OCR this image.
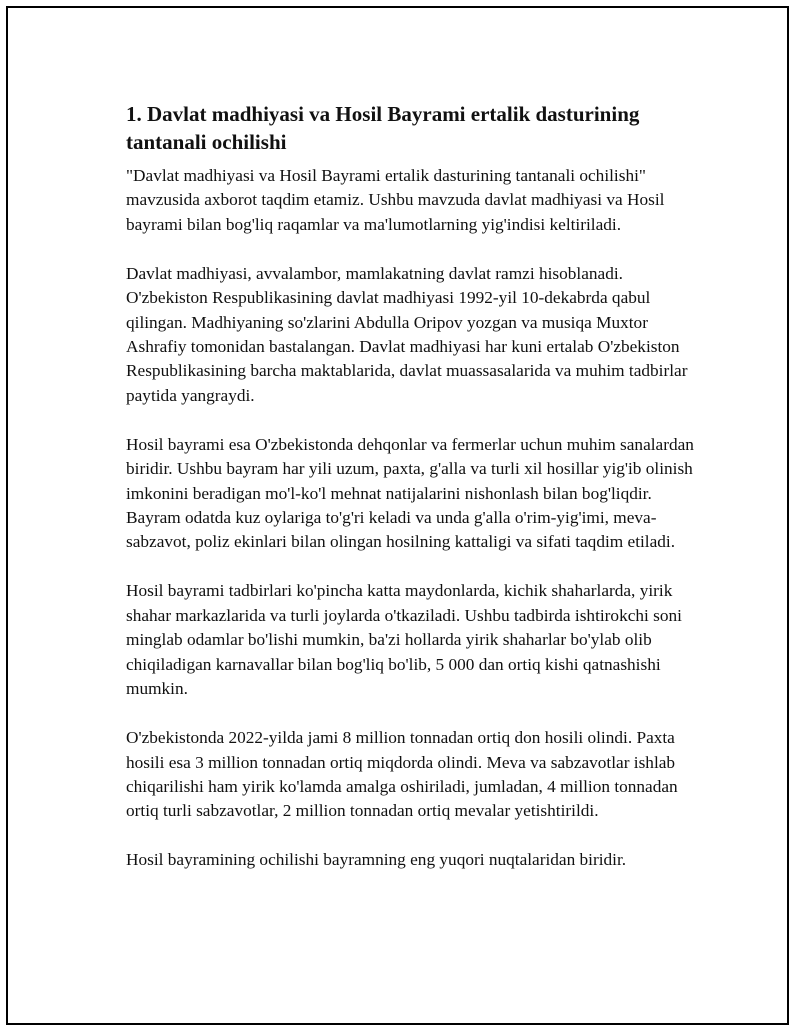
1. Davlat madhiyasi va Hosil Bayrami ertalik dasturining tantanali ochilishi

"Davlat madhiyasi va Hosil Bayrami ertalik dasturining tantanali ochilishi" mavzusida axborot taqdim etamiz. Ushbu mavzuda davlat madhiyasi va Hosil bayrami bilan bog'liq raqamlar va ma'lumotlarning yig'indisi keltiriladi.

Davlat madhiyasi, avvalambor, mamlakatning davlat ramzi hisoblanadi. O'zbekiston Respublikasining davlat madhiyasi 1992-yil 10-dekabrda qabul qilingan. Madhiyaning so'zlarini Abdulla Oripov yozgan va musiqa Muxtor Ashrafiy tomonidan bastalangan. Davlat madhiyasi har kuni ertalab O'zbekiston Respublikasining barcha maktablarida, davlat muassasalarida va muhim tadbirlar paytida yangraydi.

Hosil bayrami esa O'zbekistonda dehqonlar va fermerlar uchun muhim sanalardan biridir. Ushbu bayram har yili uzum, paxta, g'alla va turli xil hosillar yig'ib olinish imkonini beradigan mo'l-ko'l mehnat natijalarini nishonlash bilan bog'liqdir. Bayram odatda kuz oylariga to'g'ri keladi va unda g'alla o'rim-yig'imi, meva-sabzavot, poliz ekinlari bilan olingan hosilning kattaligi va sifati taqdim etiladi.

Hosil bayrami tadbirlari ko'pincha katta maydonlarda, kichik shaharlarda, yirik shahar markazlarida va turli joylarda o'tkaziladi. Ushbu tadbirda ishtirokchi soni minglab odamlar bo'lishi mumkin, ba'zi hollarda yirik shaharlar bo'ylab olib chiqiladigan karnavallar bilan bog'liq bo'lib, 5 000 dan ortiq kishi qatnashishi mumkin.

O'zbekistonda 2022-yilda jami 8 million tonnadan ortiq don hosili olindi. Paxta hosili esa 3 million tonnadan ortiq miqdorda olindi. Meva va sabzavotlar ishlab chiqarilishi ham yirik ko'lamda amalga oshiriladi, jumladan, 4 million tonnadan ortiq turli sabzavotlar, 2 million tonnadan ortiq mevalar yetishtirildi.

Hosil bayramining ochilishi bayramning eng yuqori nuqtalaridan biridir.
